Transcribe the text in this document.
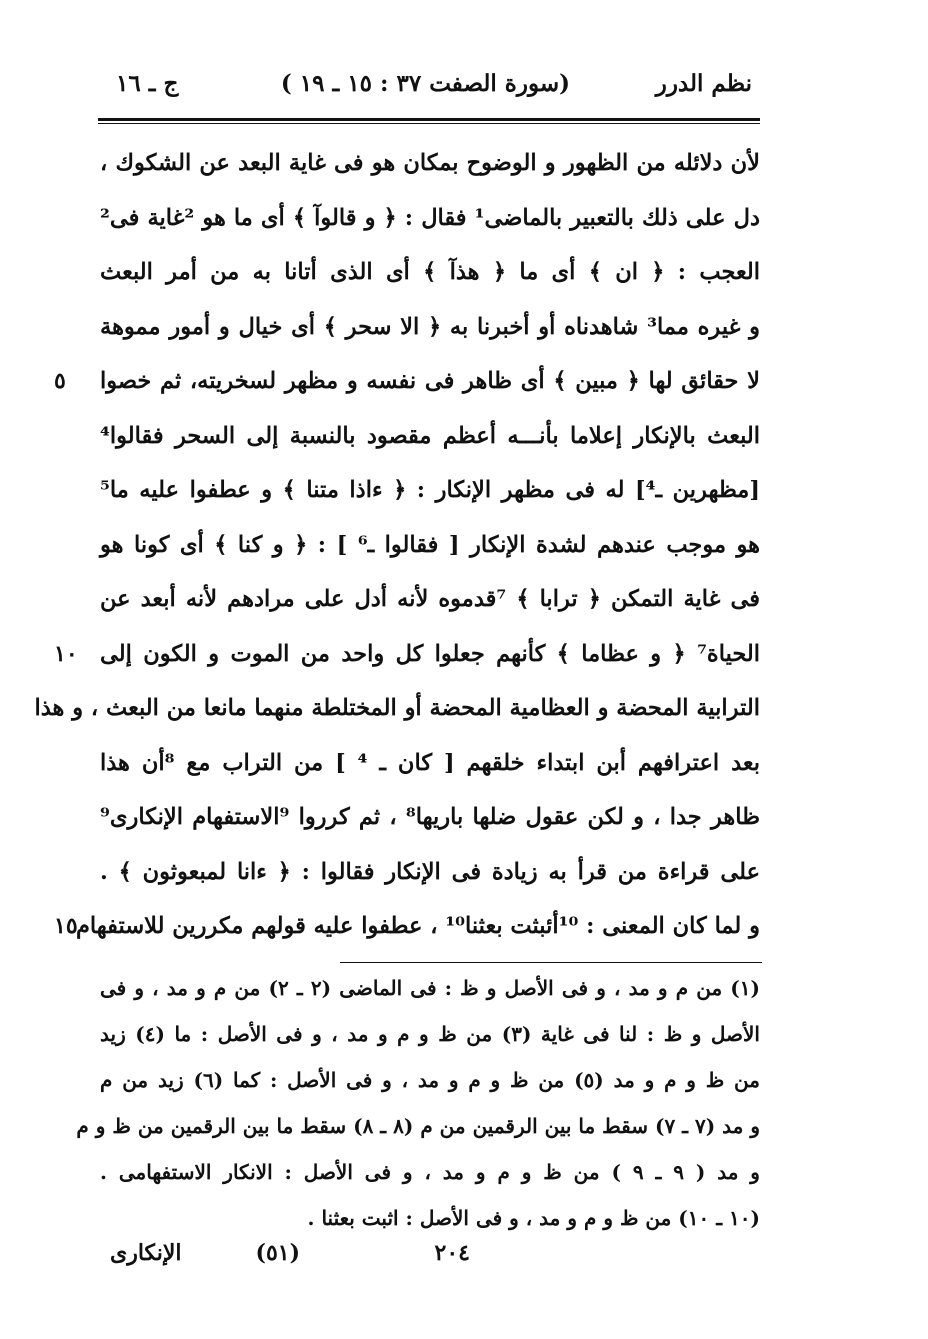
نظم الدرر
(سورة الصفت ٣٧ : ١٥ ـ ١٩ )
ج ـ ١٦
لأن دلائله من الظهور و الوضوح بمكان هو فى غاية البعد عن الشكوك ،
دل على ذلك بالتعبير بالماضى¹ فقال : ﴿ و قالوآ ﴾ أى ما هو ²غاية فى²
العجب : ﴿ ان ﴾ أى ما ﴿ هذآ ﴾ أى الذى أتانا به من أمر البعث
و غيره مما³ شاهدناه أو أخبرنا به ﴿ الا سحر ﴾ أى خيال و أمور مموهة
لا حقائق لها ﴿ مبين ﴾ أى ظاهر فى نفسه و مظهر لسخريته، ثم خصوا
٥
البعث بالإنكار إعلاما بأنـــه أعظم مقصود بالنسبة إلى السحر فقالوا⁴
[مظهرين ـ⁴] له فى مظهر الإنكار : ﴿ ءاذا متنا ﴾ و عطفوا عليه ما⁵
هو موجب عندهم لشدة الإنكار [ فقالوا ـ⁶ ] : ﴿ و كنا ﴾ أى كونا هو
فى غاية التمكن ﴿ ترابا ﴾ ⁷قدموه لأنه أدل على مرادهم لأنه أبعد عن
الحياة⁷ ﴿ و عظاما ﴾ كأنهم جعلوا كل واحد من الموت و الكون إلى
١٠
الترابية المحضة و العظامية المحضة أو المختلطة منهما مانعا من البعث ، و هذا
بعد اعترافهم أبن ابتداء خلقهم [ كان ـ ⁴ ] من التراب مع ⁸أن هذا
ظاهر جدا ، و لكن عقول ضلها باريها⁸ ، ثم كرروا ⁹الاستفهام الإنكارى⁹
على قراءة من قرأ به زيادة فى الإنكار فقالوا : ﴿ ءانا لمبعوثون ﴾ .
و لما كان المعنى : ¹⁰أئبثت بعثنا¹⁰ ، عطفوا عليه قولهم مكررين للاستفهام
١٥
(١) من م و مد ، و فى الأصل و ظ : فى الماضى (٢ ـ ٢) من م و مد ، و فى
الأصل و ظ : لنا فى غاية (٣) من ظ و م و مد ، و فى الأصل : ما (٤) زيد
من ظ و م و مد (٥) من ظ و م و مد ، و فى الأصل : كما (٦) زيد من م
و مد (٧ ـ ٧) سقط ما بين الرقمين من م (٨ ـ ٨) سقط ما بين الرقمين من ظ و م
و مد ( ٩ ـ ٩ ) من ظ و م و مد ، و فى الأصل : الانكار الاستفهامى .
(١٠ ـ ١٠) من ظ و م و مد ، و فى الأصل : اثبت بعثنا .
٢٠٤
(٥١)
الإنكارى
